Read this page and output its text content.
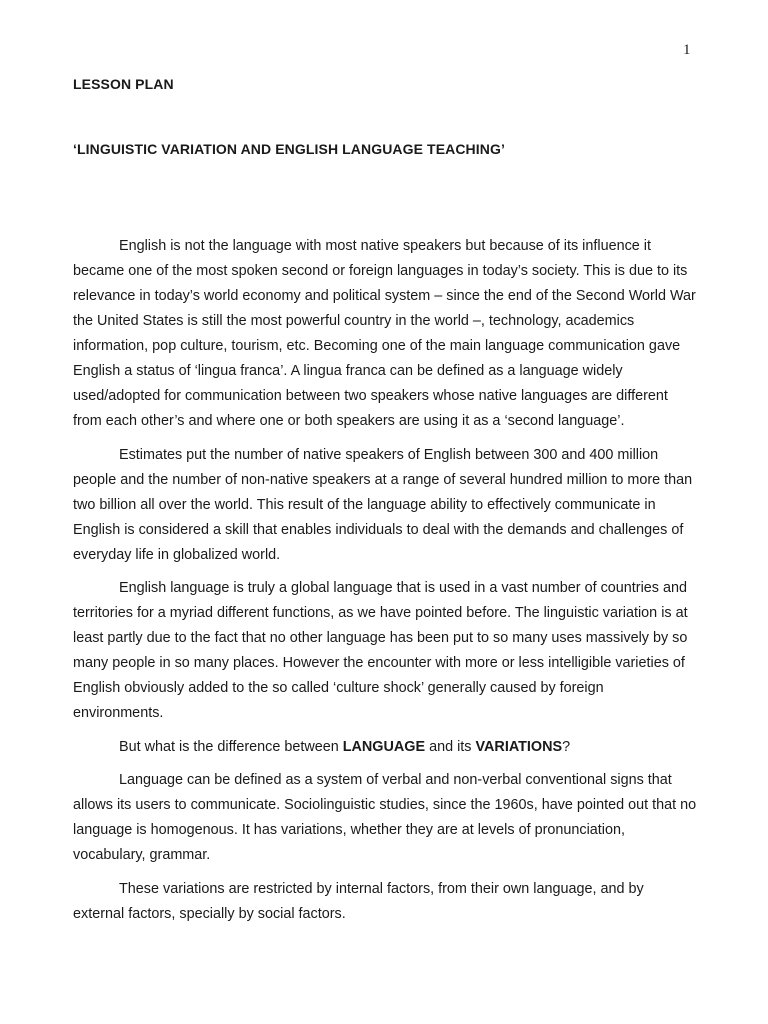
1
LESSON PLAN
‘LINGUISTIC VARIATION AND ENGLISH LANGUAGE TEACHING’

English is not the language with most native speakers but because of its influence it became one of the most spoken second or foreign languages in today’s society. This is due to its relevance in today’s world economy and political system – since the end of the Second World War the United States is still the most powerful country in the world –, technology, academics information, pop culture, tourism, etc. Becoming one of the main language communication gave English a status of ‘lingua franca’. A lingua franca can be defined as a language widely used/adopted for communication between two speakers whose native languages are different from each other’s and where one or both speakers are using it as a ‘second language’.

Estimates put the number of native speakers of English between 300 and 400 million people and the number of non-native speakers at a range of several hundred million to more than two billion all over the world. This result of the language ability to effectively communicate in English is considered a skill that enables individuals to deal with the demands and challenges of everyday life in globalized world.

English language is truly a global language that is used in a vast number of countries and territories for a myriad different functions, as we have pointed before. The linguistic variation is at least partly due to the fact that no other language has been put to so many uses massively by so many people in so many places. However the encounter with more or less intelligible varieties of English obviously added to the so called ‘culture shock’ generally caused by foreign environments.

But what is the difference between LANGUAGE and its VARIATIONS?

Language can be defined as a system of verbal and non-verbal conventional signs that allows its users to communicate. Sociolinguistic studies, since the 1960s, have pointed out that no language is homogenous. It has variations, whether they are at levels of pronunciation, vocabulary, grammar.

These variations are restricted by internal factors, from their own language, and by external factors, specially by social factors.
